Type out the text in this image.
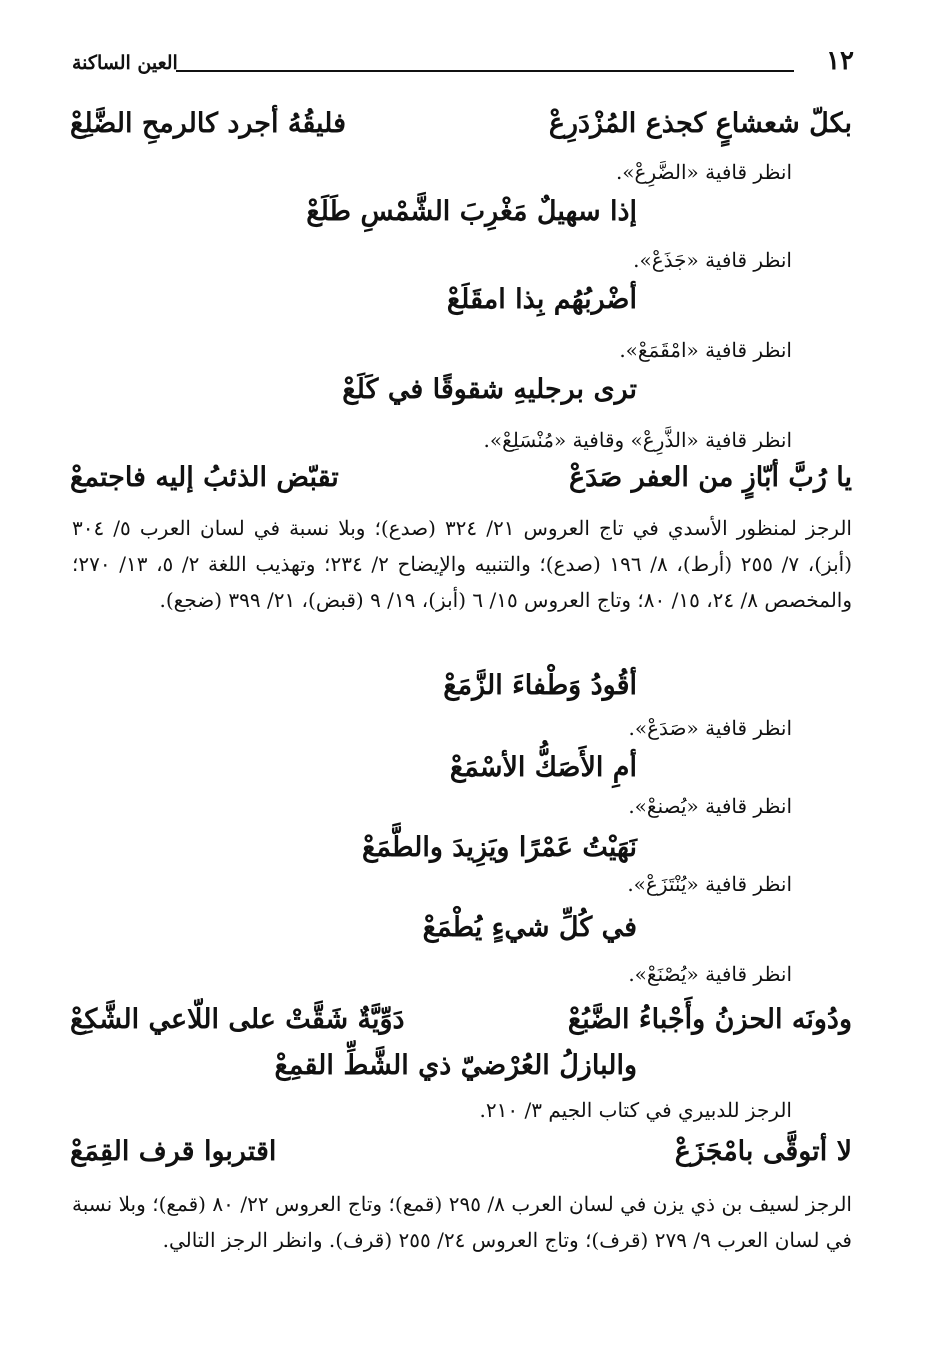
١٢
العين الساكنة
بكلّ شعشاعٍ كجذع المُزْدَرِعْ
فليقُهُ أجرد كالرمحِ الضَّلِعْ
انظر قافية «الضَّرِعْ».
إذا سهيلٌ مَغْرِبَ الشَّمْسِ طَلَعْ
انظر قافية «جَذَعْ».
أضْربُهُم بِذا امقَلَعْ
انظر قافية «امْقَمَعْ».
ترى برجليهِ شقوقًا في كَلَعْ
انظر قافية «الذَّرِعْ» وقافية «مُنْسَلِعْ».
يا رُبَّ أبّازٍ من العفر صَدَعْ
تقبّض الذئبُ إليه فاجتمعْ

الرجز لمنظور الأسدي في تاج العروس ٢١/ ٣٢٤ (صدع)؛ وبلا نسبة في لسان العرب ٥/ ٣٠٤ (أبز)، ٧/ ٢٥٥ (أرط)، ٨/ ١٩٦ (صدع)؛ والتنبيه والإيضاح ٢/ ٢٣٤؛ وتهذيب اللغة ٢/ ٥، ١٣/ ٢٧٠؛ والمخصص ٨/ ٢٤، ١٥/ ٨٠؛ وتاج العروس ١٥/ ٦ (أبز)، ١٩/ ٩ (قبض)، ٢١/ ٣٩٩ (ضجع).

أقُودُ وَطْفاءَ الزَّمَعْ
انظر قافية «صَدَعْ».
أمِ الأَصَكُّ الأسْمَعْ
انظر قافية «يُصنعْ».
نَهَيْتُ عَمْرًا ويَزِيدَ والطَّمَعْ
انظر قافية «يُنْتَزَعْ».
في كُلِّ شيءٍ يُطْمَعْ
انظر قافية «يُصْنَعْ».
ودُونَه الحزنُ وأَجْباءُ الضَّبُعْ
دَوِّيَّةٌ شَقَّتْ على اللّاعي الشَّكِعْ
والبازلُ العُرْضيّ ذي الشَّطِّ القمِعْ
الرجز للدبيري في كتاب الجيم ٣/ ٢١٠.
لا أتوقَّى بامْجَزَعْ
اقتربوا قرف القِمَعْ

الرجز لسيف بن ذي يزن في لسان العرب ٨/ ٢٩٥ (قمع)؛ وتاج العروس ٢٢/ ٨٠ (قمع)؛ وبلا نسبة في لسان العرب ٩/ ٢٧٩ (قرف)؛ وتاج العروس ٢٤/ ٢٥٥ (قرف). وانظر الرجز التالي.
